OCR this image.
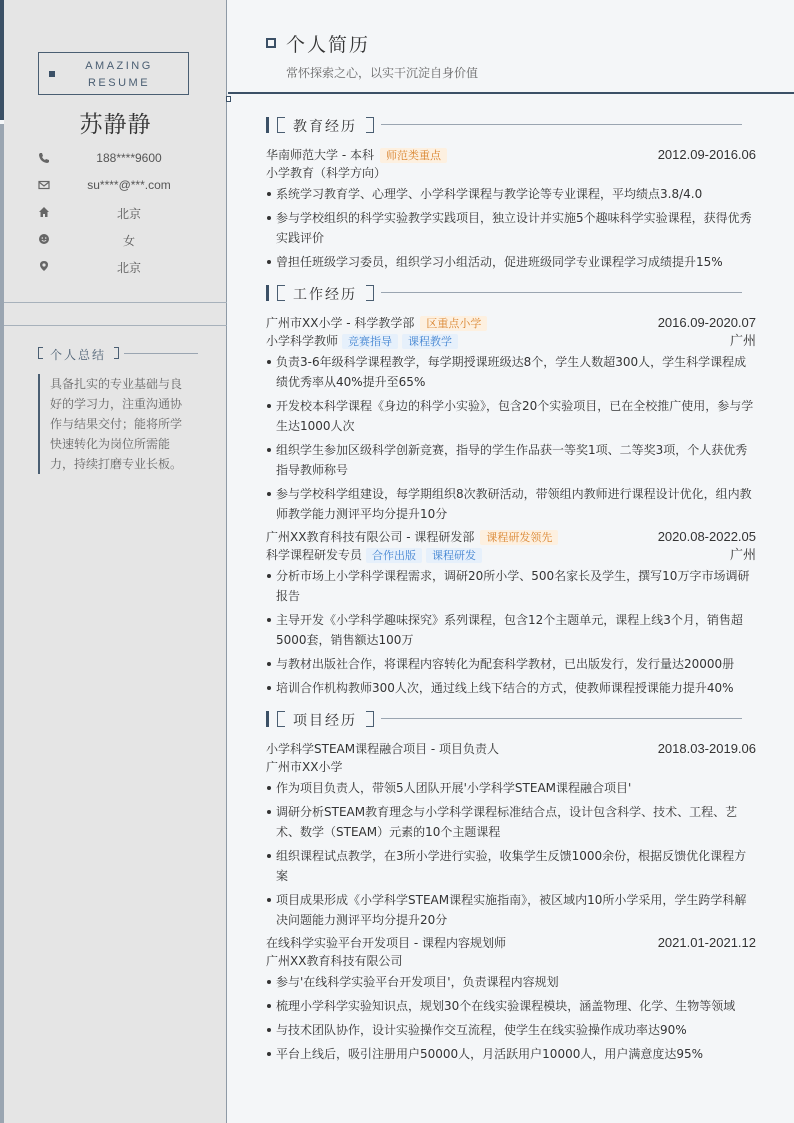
AMAZING
RESUME
苏静静
188****9600
su****@***.com
北京
女
北京
个人总结
具备扎实的专业基础与良好的学习力，注重沟通协作与结果交付；能将所学快速转化为岗位所需能力，持续打磨专业长板。
个人简历
常怀探索之心，以实干沉淀自身价值
教育经历
华南师范大学 - 本科 师范类重点	2012.09-2016.06
小学教育（科学方向）
系统学习教育学、心理学、小学科学课程与教学论等专业课程，平均绩点3.8/4.0
参与学校组织的科学实验教学实践项目，独立设计并实施5个趣味科学实验课程，获得优秀实践评价
曾担任班级学习委员，组织学习小组活动，促进班级同学专业课程学习成绩提升15%
工作经历
广州市XX小学 - 科学教学部 区重点小学	2016.09-2020.07
小学科学教师 竞赛指导 课程教学	广州
负责3-6年级科学课程教学，每学期授课班级达8个，学生人数超300人，学生科学课程成绩优秀率从40%提升至65%
开发校本科学课程《身边的科学小实验》，包含20个实验项目，已在全校推广使用，参与学生达1000人次
组织学生参加区级科学创新竞赛，指导的学生作品获一等奖1项、二等奖3项，个人获优秀指导教师称号
参与学校科学组建设，每学期组织8次教研活动，带领组内教师进行课程设计优化，组内教师教学能力测评平均分提升10分
广州XX教育科技有限公司 - 课程研发部 课程研发领先	2020.08-2022.05
科学课程研发专员 合作出版 课程研发	广州
分析市场上小学科学课程需求，调研20所小学、500名家长及学生，撰写10万字市场调研报告
主导开发《小学科学趣味探究》系列课程，包含12个主题单元，课程上线3个月，销售超5000套，销售额达100万
与教材出版社合作，将课程内容转化为配套科学教材，已出版发行，发行量达20000册
培训合作机构教师300人次，通过线上线下结合的方式，使教师课程授课能力提升40%
项目经历
小学科学STEAM课程融合项目 - 项目负责人	2018.03-2019.06
广州市XX小学
作为项目负责人，带领5人团队开展'小学科学STEAM课程融合项目'
调研分析STEAM教育理念与小学科学课程标准结合点，设计包含科学、技术、工程、艺术、数学（STEAM）元素的10个主题课程
组织课程试点教学，在3所小学进行实验，收集学生反馈1000余份，根据反馈优化课程方案
项目成果形成《小学科学STEAM课程实施指南》，被区域内10所小学采用，学生跨学科解决问题能力测评平均分提升20分
在线科学实验平台开发项目 - 课程内容规划师	2021.01-2021.12
广州XX教育科技有限公司
参与'在线科学实验平台开发项目'，负责课程内容规划
梳理小学科学实验知识点，规划30个在线实验课程模块，涵盖物理、化学、生物等领域
与技术团队协作，设计实验操作交互流程，使学生在线实验操作成功率达90%
平台上线后，吸引注册用户50000人，月活跃用户10000人，用户满意度达95%
